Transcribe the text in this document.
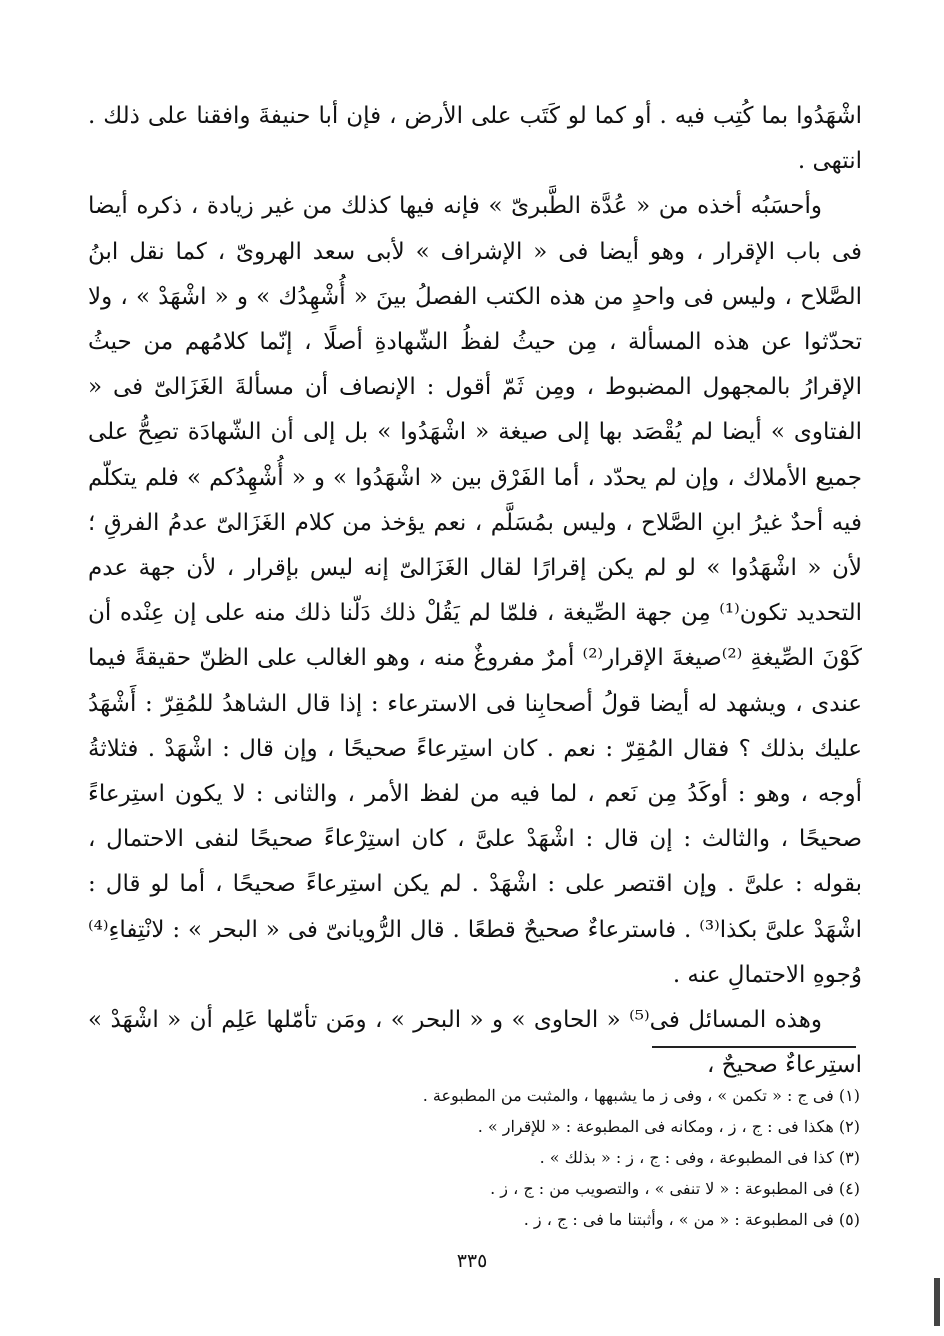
اشْهَدُوا بما كُتِب فيه . أو كما لو كَتَب على الأرض ، فإن أبا حنيفةَ وافقنا على ذلك . انتهى .

وأحسَبُه أخذه من « عُدَّة الطَّبرىّ » فإنه فيها كذلك من غير زيادة ، ذكره أيضا فى باب الإقرار ، وهو أيضا فى « الإشراف » لأبى سعد الهروىّ ، كما نقل ابنُ الصَّلاح ، وليس فى واحدٍ من هذه الكتب الفصلُ بينَ « أُشْهِدُك » و « اشْهَدْ » ، ولا تحدّثوا عن هذه المسألة ، مِن حيثُ لفظُ الشّهادةِ أصلًا ، إنّما كلامُهم من حيثُ الإقرارُ بالمجهول المضبوط ، ومِن ثَمّ أقول : الإنصاف أن مسألةَ الغَزَالىّ فى « الفتاوى » أيضا لم يُقْصَد بها إلى صيغة « اشْهَدُوا » بل إلى أن الشّهادَة تصِحُّ على جميع الأملاك ، وإن لم يحدّد ، أما الفَرْق بين « اشْهَدُوا » و « أُشْهِدُكم » فلم يتكلّم فيه أحدٌ غيرُ ابنِ الصَّلاح ، وليس بمُسَلَّم ، نعم يؤخذ من كلام الغَزَالىّ عدمُ الفرقِ ؛ لأن « اشْهَدُوا » لو لم يكن إقرارًا لقال الغَزَالىّ إنه ليس بإقرار ، لأن جهة عدم التحديد تكون⁽¹⁾ مِن جهة الصِّيغة ، فلمّا لم يَقُلْ ذلك دَلّنا ذلك منه على إن عِنْده أن كَوْنَ الصِّيغةِ ⁽²⁾صيغةَ الإقرار⁽²⁾ أمرٌ مفروغٌ منه ، وهو الغالب على الظنّ حقيقةً فيما عندى ، ويشهد له أيضا قولُ أصحابِنا فى الاسترعاء : إذا قال الشاهدُ للمُقِرّ : أَشْهَدُ عليك بذلك ؟ فقال المُقِرّ : نعم . كان استِرعاءً صحيحًا ، وإن قال : اشْهَدْ . فثلاثةُ أوجه ، وهو : أوكَدُ مِن نَعم ، لما فيه من لفظ الأمر ، والثانى : لا يكون استِرعاءً صحيحًا ، والثالث : إن قال : اشْهَدْ علىَّ ، كان استِرْعاءً صحيحًا لنفى الاحتمال ، بقوله : علىَّ . وإن اقتصر على : اشْهَدْ . لم يكن استِرعاءً صحيحًا ، أما لو قال : اشْهَدْ علىَّ بكذا⁽³⁾ . فاسترعاءٌ صحيحٌ قطعًا . قال الرُّويانىّ فى « البحر » : لانْتِفاءِ⁽⁴⁾ وُجوهِ الاحتمالِ عنه .

وهذه المسائل فى⁽⁵⁾ « الحاوى » و « البحر » ، ومَن تأمّلها عَلِم أن « اشْهَدْ » استِرعاءٌ صحيحٌ ،

(١) فى ج : « تكمن » ، وفى ز ما يشبهها ، والمثبت من المطبوعة .

(٢) هكذا فى : ج ، ز ، ومكانه فى المطبوعة : « للإقرار » .

(٣) كذا فى المطبوعة ، وفى : ج ، ز : « بذلك » .

(٤) فى المطبوعة : « لا تنفى » ، والتصويب من : ج ، ز .

(٥) فى المطبوعة : « من » ، وأثبتنا ما فى : ج ، ز .

٣٣٥
